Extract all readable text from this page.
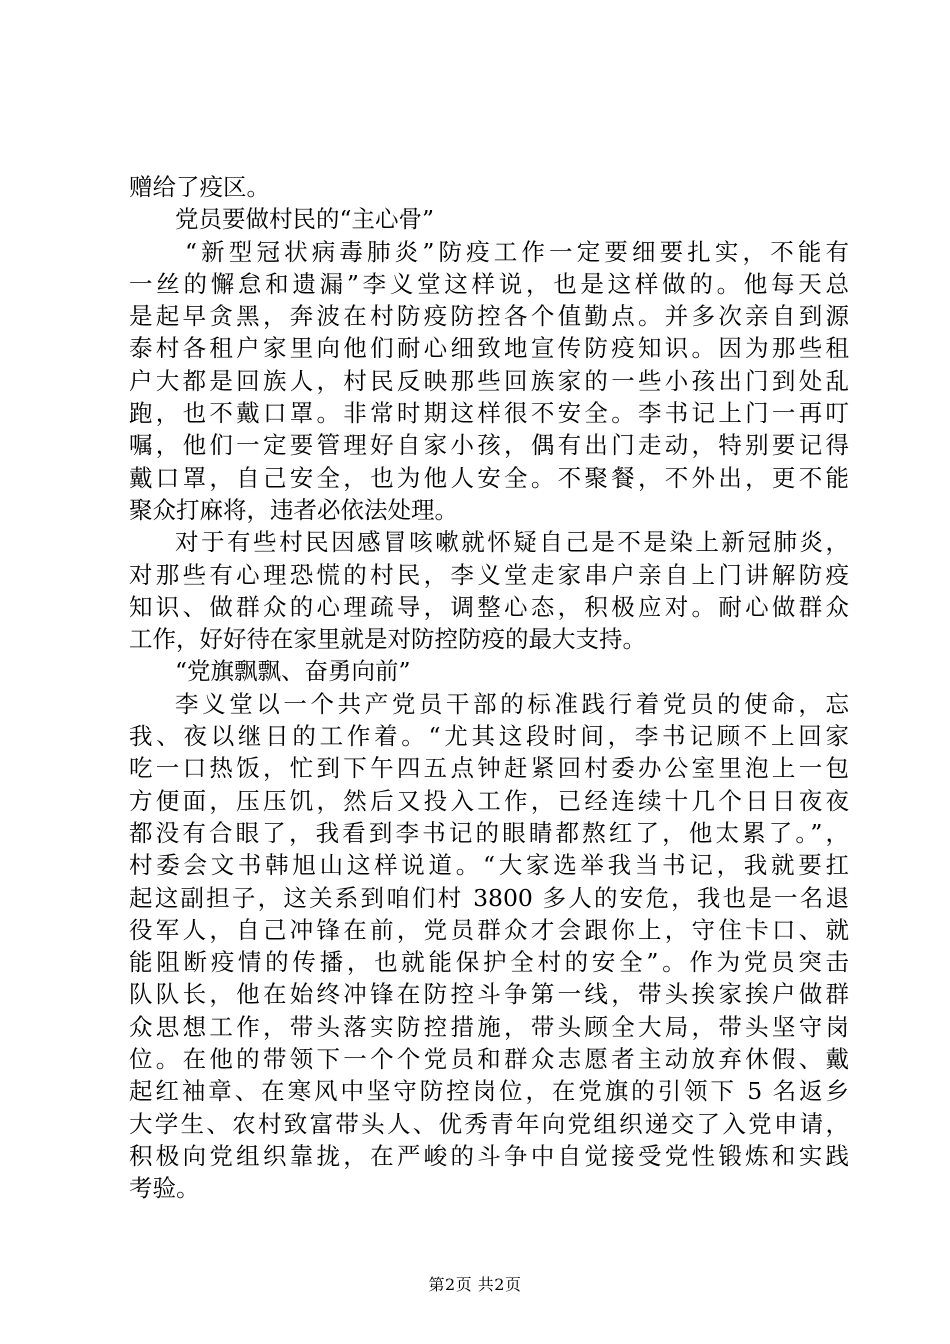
赠给了疫区。
党员要做村民的“主心骨”
“新型冠状病毒肺炎”防疫工作一定要细要扎实，不能有
一丝的懈怠和遗漏”李义堂这样说，也是这样做的。他每天总
是起早贪黑，奔波在村防疫防控各个值勤点。并多次亲自到源
泰村各租户家里向他们耐心细致地宣传防疫知识。因为那些租
户大都是回族人，村民反映那些回族家的一些小孩出门到处乱
跑，也不戴口罩。非常时期这样很不安全。李书记上门一再叮
嘱，他们一定要管理好自家小孩，偶有出门走动，特别要记得
戴口罩，自己安全，也为他人安全。不聚餐，不外出，更不能
聚众打麻将，违者必依法处理。
对于有些村民因感冒咳嗽就怀疑自己是不是染上新冠肺炎，
对那些有心理恐慌的村民，李义堂走家串户亲自上门讲解防疫
知识、做群众的心理疏导，调整心态，积极应对。耐心做群众
工作，好好待在家里就是对防控防疫的最大支持。
“党旗飘飘、奋勇向前”
李义堂以一个共产党员干部的标准践行着党员的使命，忘
我、夜以继日的工作着。“尤其这段时间，李书记顾不上回家
吃一口热饭，忙到下午四五点钟赶紧回村委办公室里泡上一包
方便面，压压饥，然后又投入工作，已经连续十几个日日夜夜
都没有合眼了，我看到李书记的眼睛都熬红了，他太累了。”，
村委会文书韩旭山这样说道。“大家选举我当书记，我就要扛
起这副担子，这关系到咱们村 3800 多人的安危，我也是一名退
役军人，自己冲锋在前，党员群众才会跟你上，守住卡口、就
能阻断疫情的传播，也就能保护全村的安全”。作为党员突击
队队长，他在始终冲锋在防控斗争第一线，带头挨家挨户做群
众思想工作，带头落实防控措施，带头顾全大局，带头坚守岗
位。在他的带领下一个个党员和群众志愿者主动放弃休假、戴
起红袖章、在寒风中坚守防控岗位，在党旗的引领下 5 名返乡
大学生、农村致富带头人、优秀青年向党组织递交了入党申请，
积极向党组织靠拢，在严峻的斗争中自觉接受党性锻炼和实践
考验。
第2页 共2页
